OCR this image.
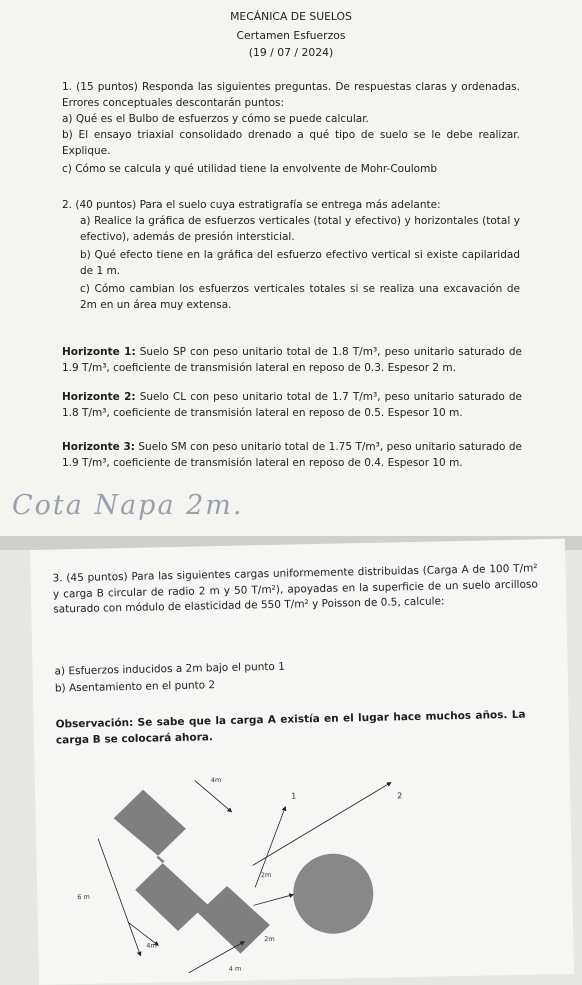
MECÁNICA DE SUELOS
Certamen Esfuerzos
(19 / 07 / 2024)
1. (15 puntos) Responda las siguientes preguntas. De respuestas claras y ordenadas. Errores conceptuales descontarán puntos:
a) Qué es el Bulbo de esfuerzos y cómo se puede calcular.
b) El ensayo triaxial consolidado drenado a qué tipo de suelo se le debe realizar. Explique.
c) Cómo se calcula y qué utilidad tiene la envolvente de Mohr-Coulomb
2. (40 puntos) Para el suelo cuya estratigrafía se entrega más adelante:
a) Realice la gráfica de esfuerzos verticales (total y efectivo) y horizontales (total y efectivo), además de presión intersticial.
b) Qué efecto tiene en la gráfica del esfuerzo efectivo vertical si existe capilaridad de 1 m.
c) Cómo cambian los esfuerzos verticales totales si se realiza una excavación de 2m en un área muy extensa.
Horizonte 1: Suelo SP con peso unitario total de 1.8 T/m³, peso unitario saturado de 1.9 T/m³, coeficiente de transmisión lateral en reposo de 0.3. Espesor 2 m.
Horizonte 2: Suelo CL con peso unitario total de 1.7 T/m³, peso unitario saturado de 1.8 T/m³, coeficiente de transmisión lateral en reposo de 0.5. Espesor 10 m.
Horizonte 3: Suelo SM con peso unitario total de 1.75 T/m³, peso unitario saturado de 1.9 T/m³, coeficiente de transmisión lateral en reposo de 0.4. Espesor 10 m.
Cota Napa 2m.
3. (45 puntos) Para las siguientes cargas uniformemente distribuidas (Carga A de 100 T/m² y carga B circular de radio 2 m y 50 T/m²), apoyadas en la superficie de un suelo arcilloso saturado con módulo de elasticidad de 550 T/m² y Poisson de 0.5, calcule:
a) Esfuerzos inducidos a 2m bajo el punto 1
b) Asentamiento en el punto 2
Observación: Se sabe que la carga A existía en el lugar hace muchos años. La carga B se colocará ahora.
4m
6 m
4m
4 m
1	2
2m
2m
